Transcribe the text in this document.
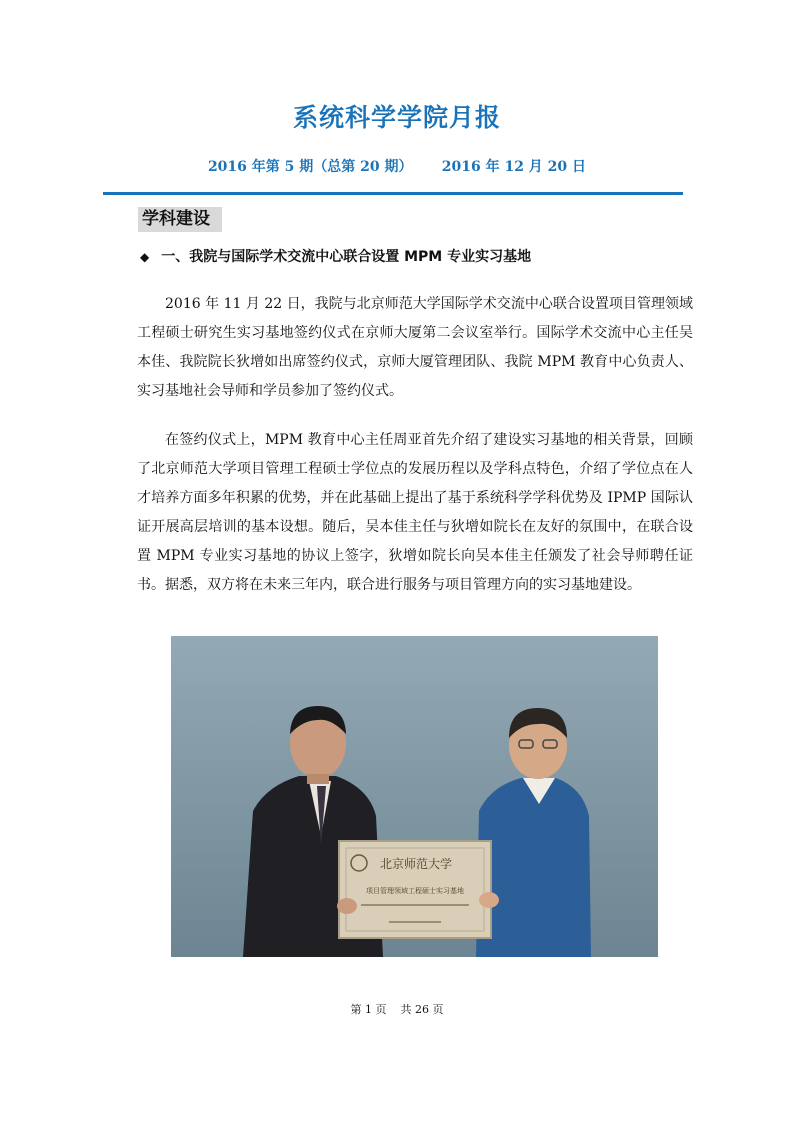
系统科学学院月报
2016 年第 5 期（总第 20 期）      2016 年 12 月 20 日
学科建设
◆ 一、我院与国际学术交流中心联合设置 MPM 专业实习基地

2016 年 11 月 22 日，我院与北京师范大学国际学术交流中心联合设置项目管理领域工程硕士研究生实习基地签约仪式在京师大厦第二会议室举行。国际学术交流中心主任吴本佳、我院院长狄增如出席签约仪式，京师大厦管理团队、我院 MPM 教育中心负责人、实习基地社会导师和学员参加了签约仪式。

在签约仪式上，MPM 教育中心主任周亚首先介绍了建设实习基地的相关背景，回顾了北京师范大学项目管理工程硕士学位点的发展历程以及学科点特色，介绍了学位点在人才培养方面多年积累的优势，并在此基础上提出了基于系统科学学科优势及 IPMP 国际认证开展高层培训的基本设想。随后，吴本佳主任与狄增如院长在友好的氛围中，在联合设置 MPM 专业实习基地的协议上签字，狄增如院长向吴本佳主任颁发了社会导师聘任证书。据悉，双方将在未来三年内，联合进行服务与项目管理方向的实习基地建设。

北京师范大学
项目管理领域工程硕士实习基地
第 1 页    共 26 页
